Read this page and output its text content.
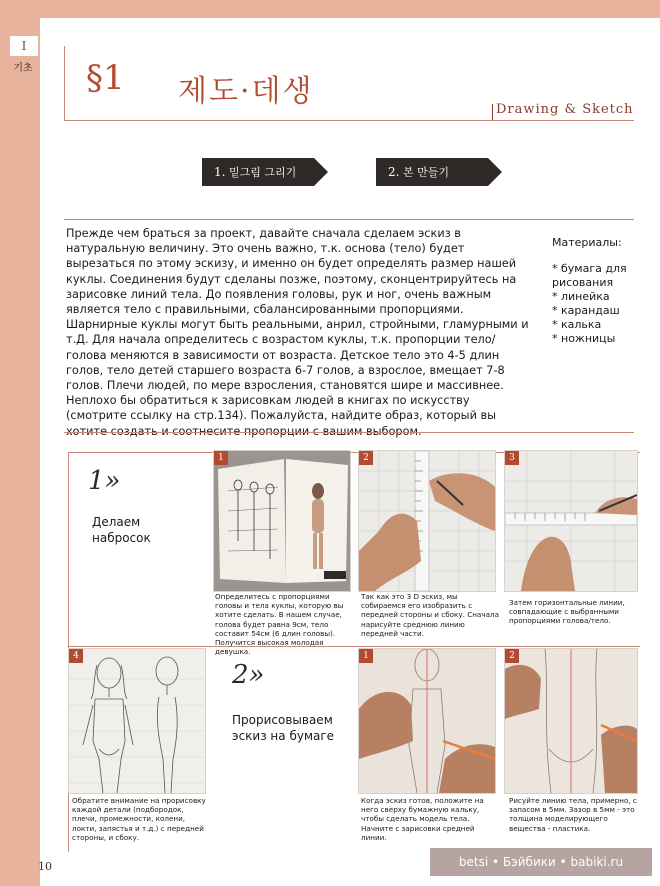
I
기초 §1 제도·데생
Drawing & Sketch
1. 밑그림 그리기	2. 본 만들기
Прежде чем браться за проект, давайте сначала сделаем эскиз в натуральную величину. Это очень важно, т.к. основа (тело) будет вырезаться по этому эскизу, и именно он будет определять размер нашей куклы. Соединения будут сделаны позже, поэтому, сконцентрируйтесь на зарисовке линий тела. До появления головы, рук и ног, очень важным является тело с правильными, сбалансированными пропорциями. Шарнирные куклы могут быть реальными, анрил, стройными, гламурными и т.Д. Для начала определитесь с возрастом куклы, т.к. пропорции тело/голова меняются в зависимости от возраста. Детское тело это 4-5 длин голов, тело детей старшего возраста 6-7 голов, а взрослое, вмещает 7-8 голов. Плечи людей, по мере взросления, становятся шире и массивнее. Неплохо бы обратиться к зарисовкам людей в книгах по искусству (смотрите ссылку на стр.134). Пожалуйста, найдите образ, который вы
Материалы:
* бумага для рисования
* линейка
* карандаш
* калька
* ножницы
1»
Делаем набросок
1
Определитесь с пропорциями головы и тела куклы, которую вы хотите сделать. В нашем случае, голова будет равна 9см, тело составит 54см (6 длин головы). Получится высокая молодая девушка.
2
Так как это 3 D эскиз, мы собираемся его изобразить с передней стороны и сбоку. Сначала нарисуйте среднюю линию передней части.
3
Затем горизонтальные линии, совпадающие с выбранными пропорциями голова/тело.
4
Обратите внимание на прорисовку каждой детали (подбородок, плечи, промежности, колени, локти, запястья и т.д.) с передней стороны, и сбоку.
2»
Прорисовываем эскиз на бумаге
1
Когда эскиз готов, положите на него сверху бумажную кальку, чтобы сделать модель тела. Начните с зарисовки средней линии.
2
Рисуйте линию тела, примерно, с запасом в 5мм. Зазор в 5мм - это толщина моделирующего вещества - пластика.
10	betsi • Бэйбики • babiki.ru
